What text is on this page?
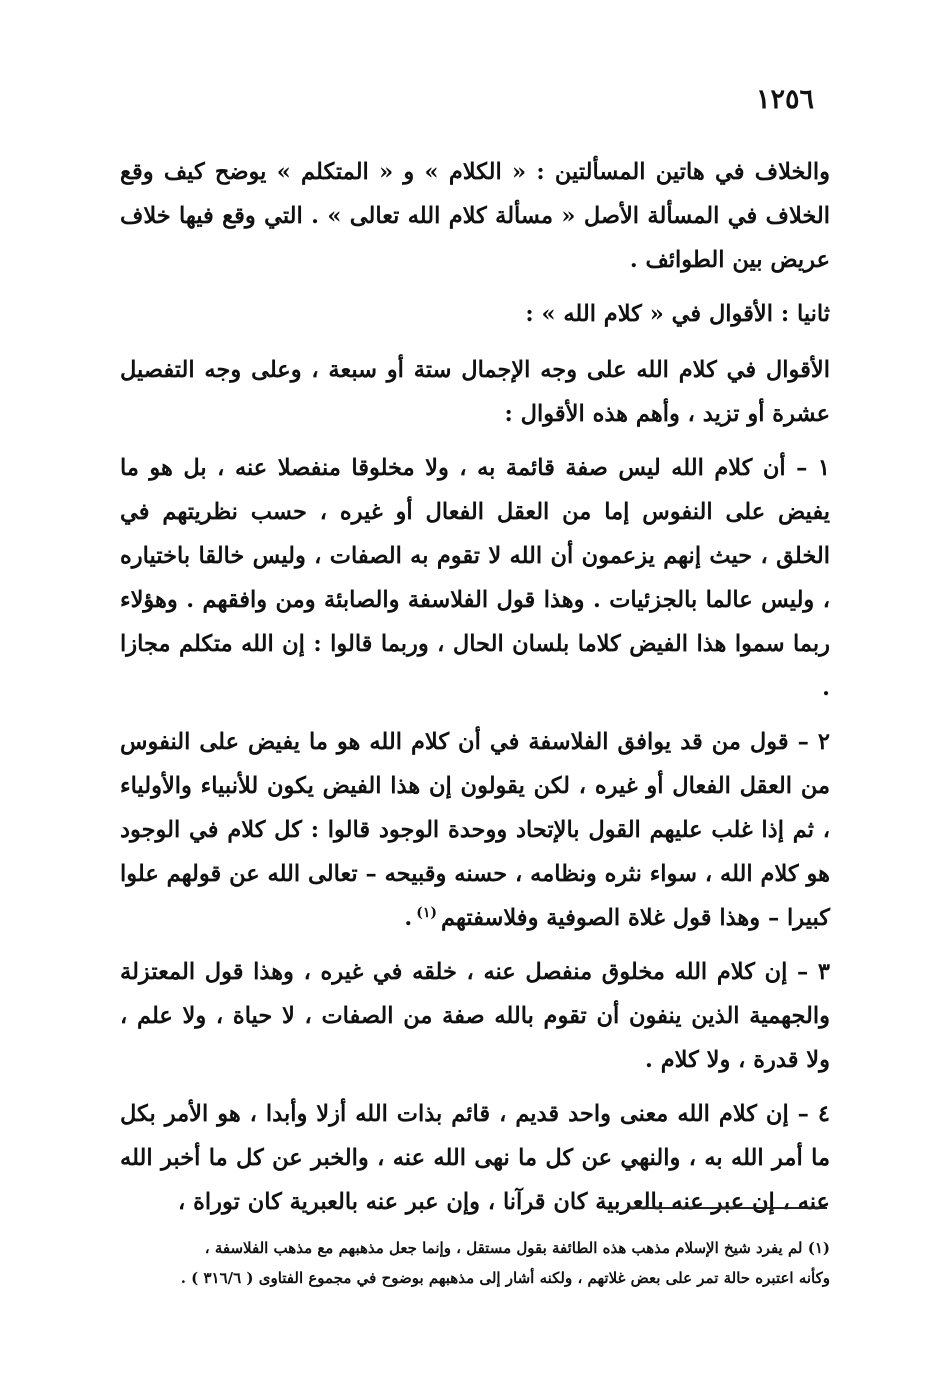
١٢٥٦

والخلاف في هاتين المسألتين : « الكلام » و « المتكلم » يوضح كيف وقع الخلاف في المسألة الأصل « مسألة كلام الله تعالى » . التي وقع فيها خلاف عريض بين الطوائف .

ثانيا : الأقوال في « كلام الله » :

الأقوال في كلام الله على وجه الإجمال ستة أو سبعة ، وعلى وجه التفصيل عشرة أو تزيد ، وأهم هذه الأقوال :

١ – أن كلام الله ليس صفة قائمة به ، ولا مخلوقا منفصلا عنه ، بل هو ما يفيض على النفوس إما من العقل الفعال أو غيره ، حسب نظريتهم في الخلق ، حيث إنهم يزعمون أن الله لا تقوم به الصفات ، وليس خالقا باختياره ، وليس عالما بالجزئيات . وهذا قول الفلاسفة والصابئة ومن وافقهم . وهؤلاء ربما سموا هذا الفيض كلاما بلسان الحال ، وربما قالوا : إن الله متكلم مجازا .

٢ – قول من قد يوافق الفلاسفة في أن كلام الله هو ما يفيض على النفوس من العقل الفعال أو غيره ، لكن يقولون إن هذا الفيض يكون للأنبياء والأولياء ، ثم إذا غلب عليهم القول بالإتحاد ووحدة الوجود قالوا : كل كلام في الوجود هو كلام الله ، سواء نثره ونظامه ، حسنه وقبيحه – تعالى الله عن قولهم علوا كبيرا – وهذا قول غلاة الصوفية وفلاسفتهم$^{(١)}$.

٣ – إن كلام الله مخلوق منفصل عنه ، خلقه في غيره ، وهذا قول المعتزلة والجهمية الذين ينفون أن تقوم بالله صفة من الصفات ، لا حياة ، ولا علم ، ولا قدرة ، ولا كلام .

٤ – إن كلام الله معنى واحد قديم ، قائم بذات الله أزلا وأبدا ، هو الأمر بكل ما أمر الله به ، والنهي عن كل ما نهى الله عنه ، والخبر عن كل ما أخبر الله عنه ، إن عبر عنه بالعربية كان قرآنا ، وإن عبر عنه بالعبرية كان توراة ،

(١) لم يفرد شيخ الإسلام مذهب هذه الطائفة بقول مستقل ، وإنما جعل مذهبهم مع مذهب الفلاسفة ،

وكأنه اعتبره حالة تمر على بعض غلاتهم ، ولكنه أشار إلى مذهبهم بوضوح في مجموع الفتاوى ( ٣١٦/٦ ) .
